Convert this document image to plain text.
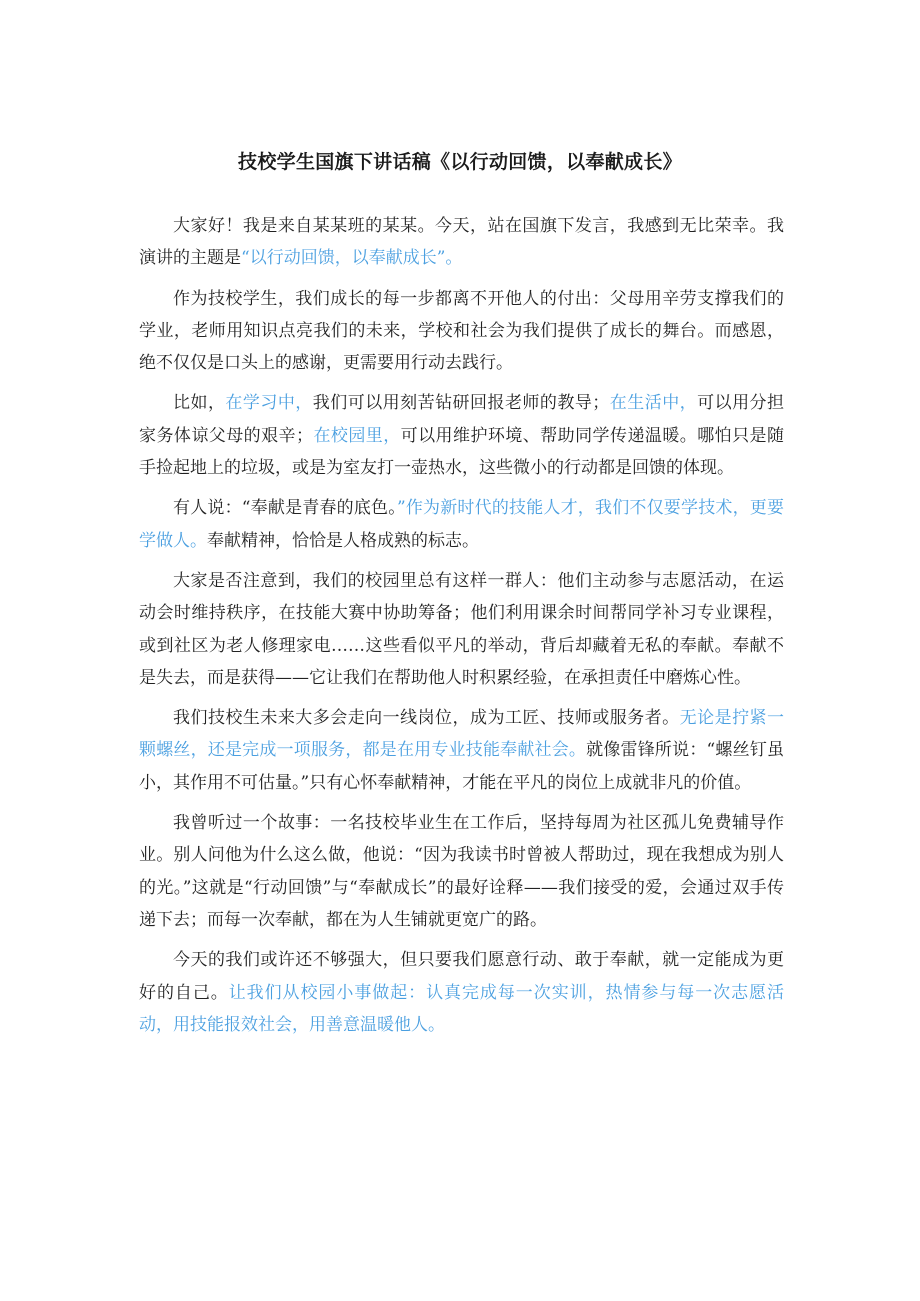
技校学生国旗下讲话稿《以行动回馈，以奉献成长》

大家好！我是来自某某班的某某。今天，站在国旗下发言，我感到无比荣幸。我演讲的主题是“以行动回馈，以奉献成长”。

作为技校学生，我们成长的每一步都离不开他人的付出：父母用辛劳支撑我们的学业，老师用知识点亮我们的未来，学校和社会为我们提供了成长的舞台。而感恩，绝不仅仅是口头上的感谢，更需要用行动去践行。

比如，在学习中，我们可以用刻苦钻研回报老师的教导；在生活中，可以用分担家务体谅父母的艰辛；在校园里，可以用维护环境、帮助同学传递温暖。哪怕只是随手捡起地上的垃圾，或是为室友打一壶热水，这些微小的行动都是回馈的体现。

有人说：“奉献是青春的底色。”作为新时代的技能人才，我们不仅要学技术，更要学做人。奉献精神，恰恰是人格成熟的标志。

大家是否注意到，我们的校园里总有这样一群人：他们主动参与志愿活动，在运动会时维持秩序，在技能大赛中协助筹备；他们利用课余时间帮同学补习专业课程，或到社区为老人修理家电……这些看似平凡的举动，背后却藏着无私的奉献。奉献不是失去，而是获得——它让我们在帮助他人时积累经验，在承担责任中磨炼心性。

我们技校生未来大多会走向一线岗位，成为工匠、技师或服务者。无论是拧紧一颗螺丝，还是完成一项服务，都是在用专业技能奉献社会。就像雷锋所说：“螺丝钉虽小，其作用不可估量。”只有心怀奉献精神，才能在平凡的岗位上成就非凡的价值。

我曾听过一个故事：一名技校毕业生在工作后，坚持每周为社区孤儿免费辅导作业。别人问他为什么这么做，他说：“因为我读书时曾被人帮助过，现在我想成为别人的光。”这就是“行动回馈”与“奉献成长”的最好诠释——我们接受的爱，会通过双手传递下去；而每一次奉献，都在为人生铺就更宽广的路。

今天的我们或许还不够强大，但只要我们愿意行动、敢于奉献，就一定能成为更好的自己。让我们从校园小事做起：认真完成每一次实训，热情参与每一次志愿活动，用技能报效社会，用善意温暖他人。
